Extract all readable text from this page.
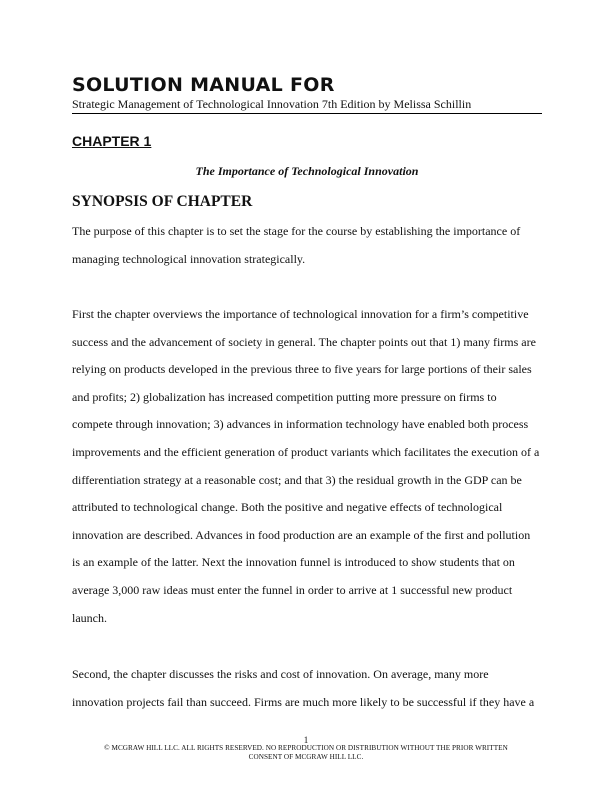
SOLUTION MANUAL FOR
Strategic Management of Technological Innovation 7th Edition by Melissa Schillin
CHAPTER 1
The Importance of Technological Innovation
SYNOPSIS OF CHAPTER

The purpose of this chapter is to set the stage for the course by establishing the importance of
managing technological innovation strategically.

First the chapter overviews the importance of technological innovation for a firm’s competitive
success and the advancement of society in general. The chapter points out that 1) many firms are
relying on products developed in the previous three to five years for large portions of their sales
and profits; 2) globalization has increased competition putting more pressure on firms to
compete through innovation; 3) advances in information technology have enabled both process
improvements and the efficient generation of product variants which facilitates the execution of a
differentiation strategy at a reasonable cost; and that 3) the residual growth in the GDP can be
attributed to technological change. Both the positive and negative effects of technological
innovation are described. Advances in food production are an example of the first and pollution
is an example of the latter. Next the innovation funnel is introduced to show students that on
average 3,000 raw ideas must enter the funnel in order to arrive at 1 successful new product
launch.

Second, the chapter discusses the risks and cost of innovation. On average, many more
innovation projects fail than succeed. Firms are much more likely to be successful if they have a

1
© MCGRAW HILL LLC. ALL RIGHTS RESERVED. NO REPRODUCTION OR DISTRIBUTION WITHOUT THE PRIOR WRITTEN
CONSENT OF MCGRAW HILL LLC.
